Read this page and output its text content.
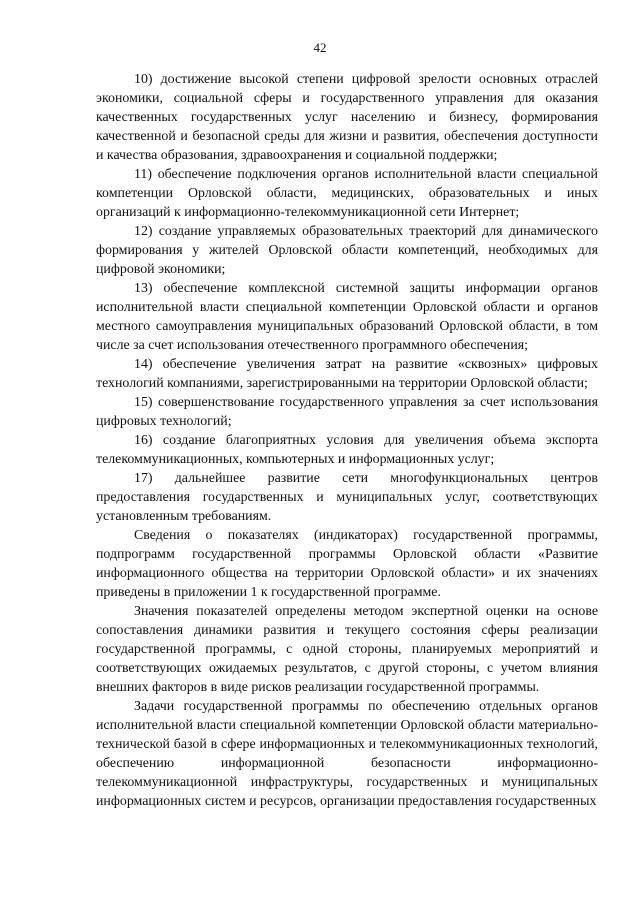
42

10) достижение высокой степени цифровой зрелости основных отраслей экономики, социальной сферы и государственного управления для оказания качественных государственных услуг населению и бизнесу, формирования качественной и безопасной среды для жизни и развития, обеспечения доступности и качества образования, здравоохранения и социальной поддержки;

11) обеспечение подключения органов исполнительной власти специальной компетенции Орловской области, медицинских, образовательных и иных организаций к информационно-телекоммуникационной сети Интернет;

12) создание управляемых образовательных траекторий для динамического формирования у жителей Орловской области компетенций, необходимых для цифровой экономики;

13) обеспечение комплексной системной защиты информации органов исполнительной власти специальной компетенции Орловской области и органов местного самоуправления муниципальных образований Орловской области, в том числе за счет использования отечественного программного обеспечения;

14) обеспечение увеличения затрат на развитие «сквозных» цифровых технологий компаниями, зарегистрированными на территории Орловской области;

15) совершенствование государственного управления за счет использования цифровых технологий;

16) создание благоприятных условия для увеличения объема экспорта телекоммуникационных, компьютерных и информационных услуг;

17) дальнейшее развитие сети многофункциональных центров предоставления государственных и муниципальных услуг, соответствующих установленным требованиям.

Сведения о показателях (индикаторах) государственной программы, подпрограмм государственной программы Орловской области «Развитие информационного общества на территории Орловской области» и их значениях приведены в приложении 1 к государственной программе.

Значения показателей определены методом экспертной оценки на основе сопоставления динамики развития и текущего состояния сферы реализации государственной программы, с одной стороны, планируемых мероприятий и соответствующих ожидаемых результатов, с другой стороны, с учетом влияния внешних факторов в виде рисков реализации государственной программы.

Задачи государственной программы по обеспечению отдельных органов исполнительной власти специальной компетенции Орловской области материально-технической базой в сфере информационных и телекоммуникационных технологий, обеспечению информационной безопасности информационно-телекоммуникационной инфраструктуры, государственных и муниципальных информационных систем и ресурсов, организации предоставления государственных
